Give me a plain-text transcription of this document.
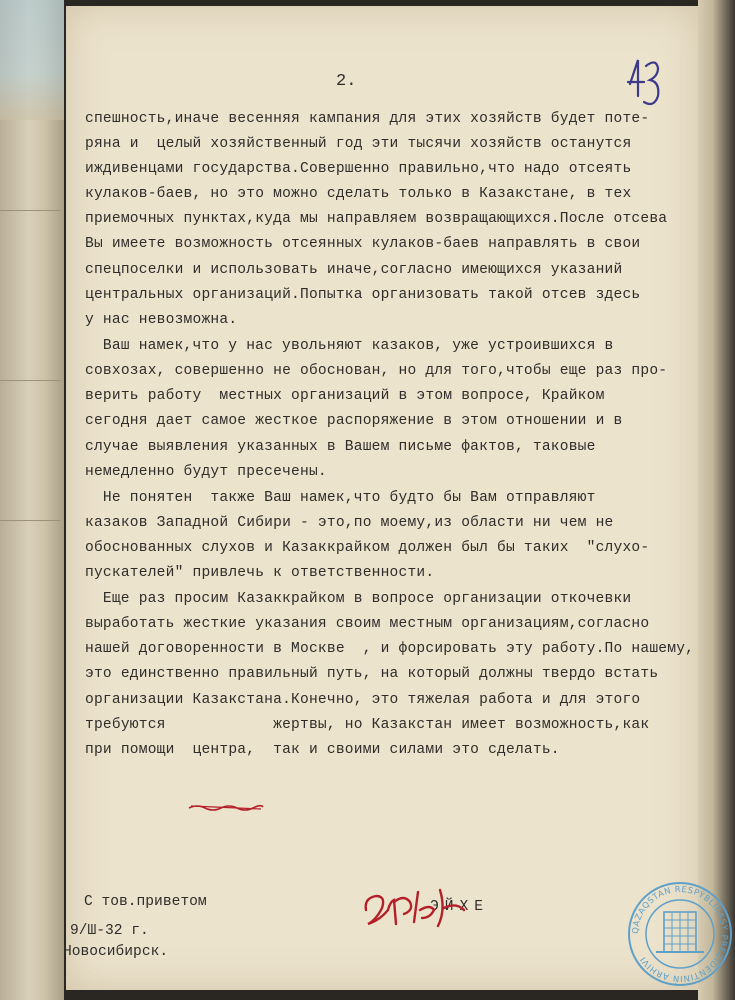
2.
спешность,иначе весенняя кампания для этих хозяйств будет поте-
ряна и  целый хозяйственный год эти тысячи хозяйств останутся
иждивенцами государства.Совершенно правильно,что надо отсеять
кулаков-баев, но это можно сделать только в Казакстане, в тех
приемочных пунктах,куда мы направляем возвращающихся.После отсева
Вы имеете возможность отсеянных кулаков-баев направлять в свои
спецпоселки и использовать иначе,согласно имеющихся указаний
центральных организаций.Попытка организовать такой отсев здесь
у нас невозможна.
Ваш намек,что у нас увольняют казаков, уже устроившихся в
совхозах, совершенно не обоснован, но для того,чтобы еще раз про-
верить работу  местных организаций в этом вопросе, Крайком
сегодня дает самое жесткое распоряжение в этом отношении и в
случае выявления указанных в Вашем письме фактов, таковые
немедленно будут пресечены.
Не понятен  также Ваш намек,что будто бы Вам отправляют
казаков Западной Сибири - это,по моему,из области ни чем не
обоснованных слухов и Казаккрайком должен был бы таких  "слухо-
пускателей" привлечь к ответственности.
Еще раз просим Казаккрайком в вопросе организации откочевки
выработать жесткие указания своим местным организациям,согласно
нашей договоренности в Москве  , и форсировать эту работу.По нашему,
это единственно правильный путь, на который должны твердо встать
организации Казакстана.Конечно, это тяжелая работа и для этого
требуются            жертвы, но Казакстан имеет возможность,как
при помощи  центра,  так и своими силами это сделать.
С тов.приветом
9/Ш-32 г.
Новосибирск.
ЭЙХЕ
QAZAQSTAN RESPÝBLIKASY PREZIDENTINIŃ ARHIVI
